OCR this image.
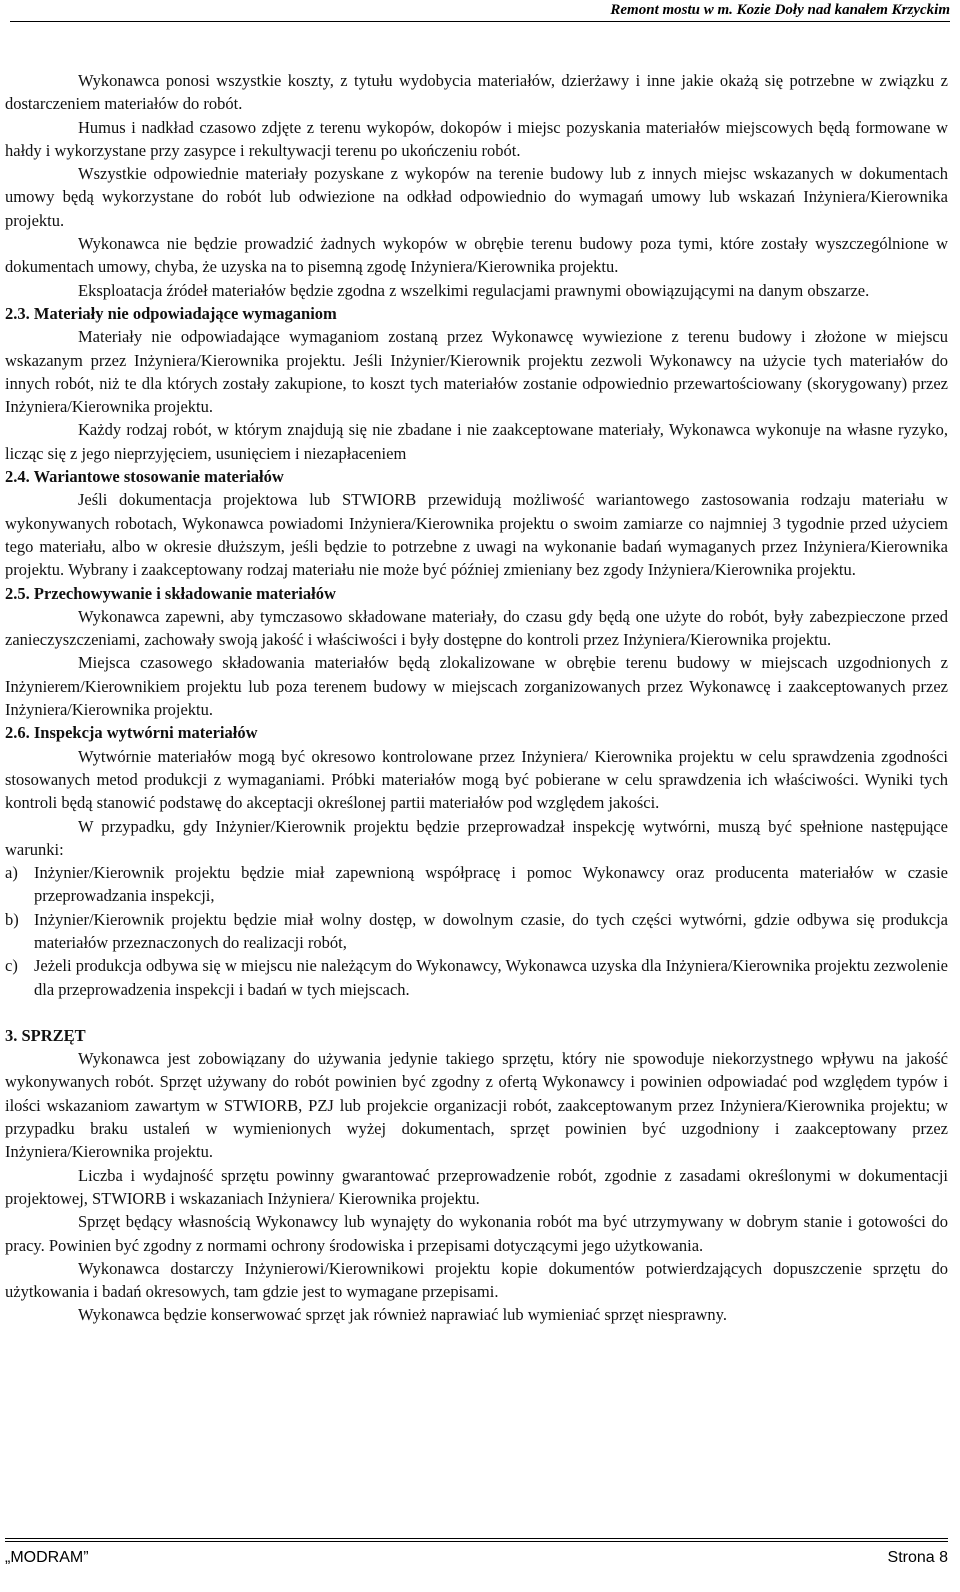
Remont mostu w m. Kozie Doły nad kanałem Krzyckim

Wykonawca ponosi wszystkie koszty, z tytułu wydobycia materiałów, dzierżawy i inne jakie okażą się potrzebne w związku z dostarczeniem materiałów do robót.

Humus i nadkład czasowo zdjęte z terenu wykopów, dokopów i miejsc pozyskania materiałów miejscowych będą formowane w hałdy i wykorzystane przy zasypce i rekultywacji terenu po ukończeniu robót.

Wszystkie odpowiednie materiały pozyskane z wykopów na terenie budowy lub z innych miejsc wskazanych w dokumentach umowy będą wykorzystane do robót lub odwiezione na odkład odpowiednio do wymagań umowy lub wskazań Inżyniera/Kierownika projektu.

Wykonawca nie będzie prowadzić żadnych wykopów w obrębie terenu budowy poza tymi, które zostały wyszczególnione w dokumentach umowy, chyba, że uzyska na to pisemną zgodę Inżyniera/Kierownika projektu.

Eksploatacja źródeł materiałów będzie zgodna z wszelkimi regulacjami prawnymi obowiązującymi na danym obszarze.

2.3. Materiały nie odpowiadające wymaganiom

Materiały nie odpowiadające wymaganiom zostaną przez Wykonawcę wywiezione z terenu budowy i złożone w miejscu wskazanym przez Inżyniera/Kierownika projektu. Jeśli Inżynier/Kierownik projektu zezwoli Wykonawcy na użycie tych materiałów do innych robót, niż te dla których zostały zakupione, to koszt tych materiałów zostanie odpowiednio przewartościowany (skorygowany) przez Inżyniera/Kierownika projektu.

Każdy rodzaj robót, w którym znajdują się nie zbadane i nie zaakceptowane materiały, Wykonawca wykonuje na własne ryzyko, licząc się z jego nieprzyjęciem, usunięciem i niezapłaceniem

2.4. Wariantowe stosowanie materiałów

Jeśli dokumentacja projektowa lub STWIORB przewidują możliwość wariantowego zastosowania rodzaju materiału w wykonywanych robotach, Wykonawca powiadomi Inżyniera/Kierownika projektu o swoim zamiarze co najmniej 3 tygodnie przed użyciem tego materiału, albo w okresie dłuższym, jeśli będzie to potrzebne z uwagi na wykonanie badań wymaganych przez Inżyniera/Kierownika projektu. Wybrany i zaakceptowany rodzaj materiału nie może być później zmieniany bez zgody Inżyniera/Kierownika projektu.

2.5. Przechowywanie i składowanie materiałów

Wykonawca zapewni, aby tymczasowo składowane materiały, do czasu gdy będą one użyte do robót, były zabezpieczone przed zanieczyszczeniami, zachowały swoją jakość i właściwości i były dostępne do kontroli przez Inżyniera/Kierownika projektu.

Miejsca czasowego składowania materiałów będą zlokalizowane w obrębie terenu budowy w miejscach uzgodnionych z Inżynierem/Kierownikiem projektu lub poza terenem budowy w miejscach zorganizowanych przez Wykonawcę i zaakceptowanych przez Inżyniera/Kierownika projektu.

2.6. Inspekcja wytwórni materiałów

Wytwórnie materiałów mogą być okresowo kontrolowane przez Inżyniera/ Kierownika projektu w celu sprawdzenia zgodności stosowanych metod produkcji z wymaganiami. Próbki materiałów mogą być pobierane w celu sprawdzenia ich właściwości. Wyniki tych kontroli będą stanowić podstawę do akceptacji określonej partii materiałów pod względem jakości.

W przypadku, gdy Inżynier/Kierownik projektu będzie przeprowadzał inspekcję wytwórni, muszą być spełnione następujące warunki:

a) Inżynier/Kierownik projektu będzie miał zapewnioną współpracę i pomoc Wykonawcy oraz producenta materiałów w czasie przeprowadzania inspekcji,
b) Inżynier/Kierownik projektu będzie miał wolny dostęp, w dowolnym czasie, do tych części wytwórni, gdzie odbywa się produkcja materiałów przeznaczonych do realizacji robót,
c) Jeżeli produkcja odbywa się w miejscu nie należącym do Wykonawcy, Wykonawca uzyska dla Inżyniera/Kierownika projektu zezwolenie dla przeprowadzenia inspekcji i badań w tych miejscach.
3. SPRZĘT

Wykonawca jest zobowiązany do używania jedynie takiego sprzętu, który nie spowoduje niekorzystnego wpływu na jakość wykonywanych robót. Sprzęt używany do robót powinien być zgodny z ofertą Wykonawcy i powinien odpowiadać pod względem typów i ilości wskazaniom zawartym w STWIORB, PZJ lub projekcie organizacji robót, zaakceptowanym przez Inżyniera/Kierownika projektu; w przypadku braku ustaleń w wymienionych wyżej dokumentach, sprzęt powinien być uzgodniony i zaakceptowany przez Inżyniera/Kierownika projektu.

Liczba i wydajność sprzętu powinny gwarantować przeprowadzenie robót, zgodnie z zasadami określonymi w dokumentacji projektowej, STWIORB i wskazaniach Inżyniera/ Kierownika projektu.

Sprzęt będący własnością Wykonawcy lub wynajęty do wykonania robót ma być utrzymywany w dobrym stanie i gotowości do pracy. Powinien być zgodny z normami ochrony środowiska i przepisami dotyczącymi jego użytkowania.

Wykonawca dostarczy Inżynierowi/Kierownikowi projektu kopie dokumentów potwierdzających dopuszczenie sprzętu do użytkowania i badań okresowych, tam gdzie jest to wymagane przepisami.

Wykonawca będzie konserwować sprzęt jak również naprawiać lub wymieniać sprzęt niesprawny.

„MODRAM”	Strona 8
